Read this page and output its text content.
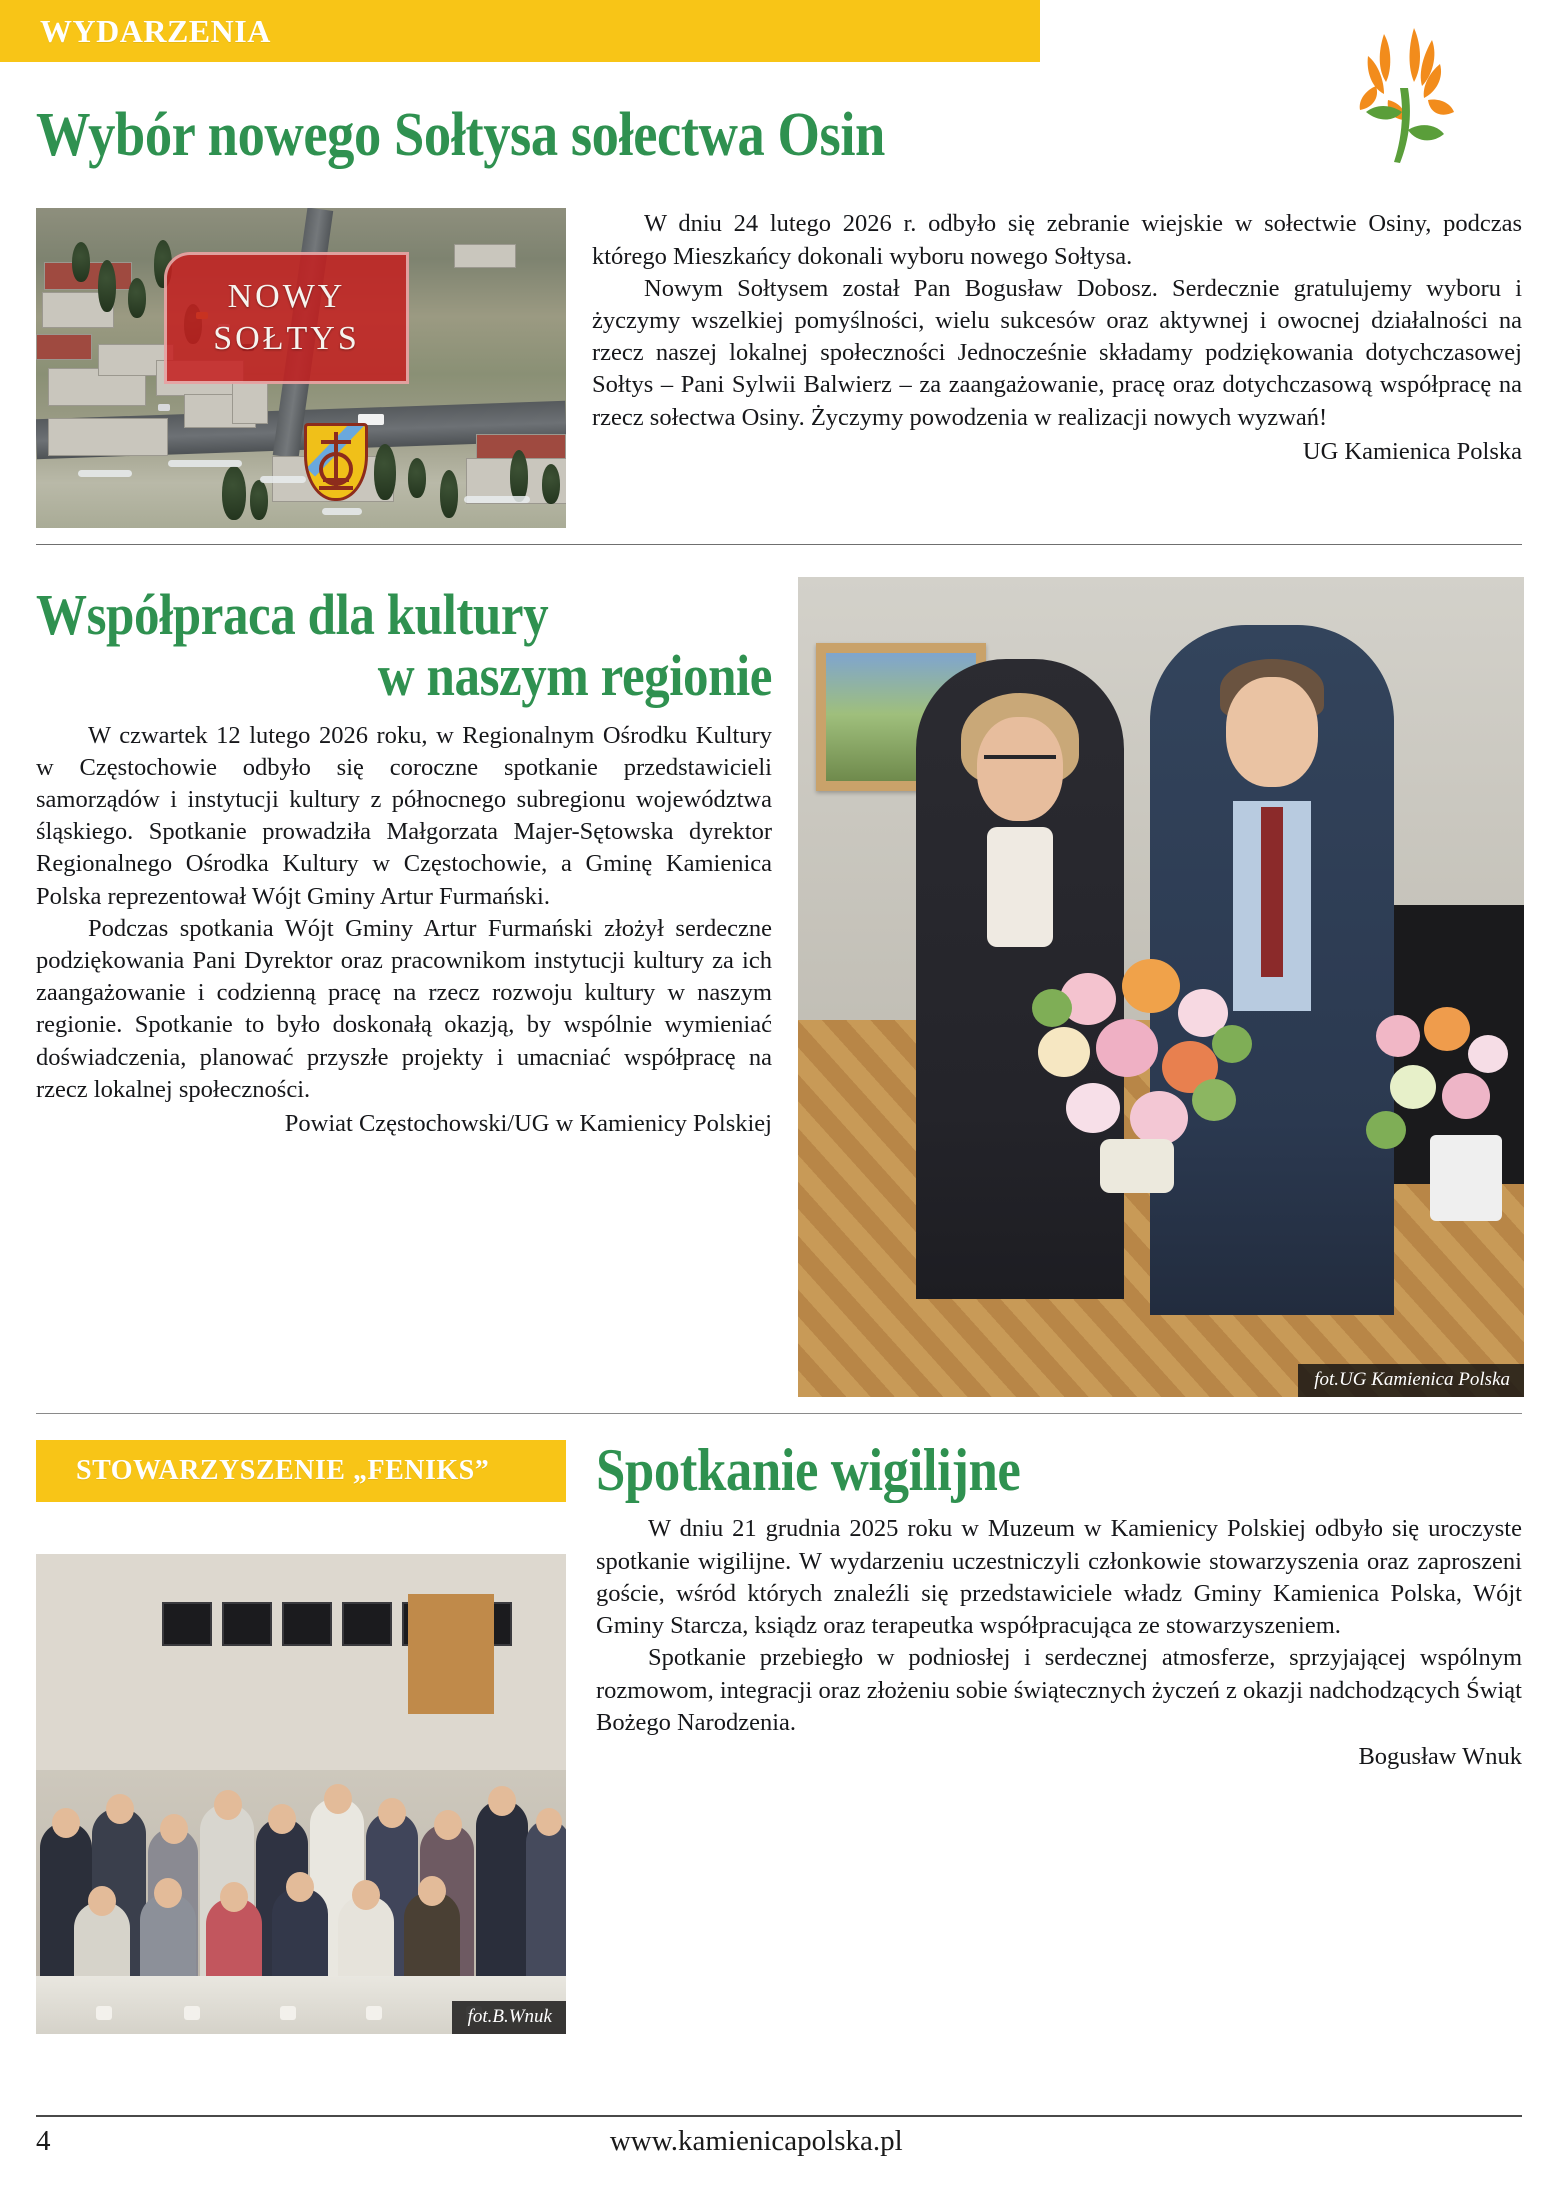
WYDARZENIA
Wybór nowego Sołtysa sołectwa Osin
NOWY
SOŁTYS

W dniu 24 lutego 2026 r. odbyło się zebranie wiejskie w sołectwie Osiny, podczas którego Mieszkańcy dokonali wyboru nowego Sołtysa.

Nowym Sołtysem został Pan Bogusław Dobosz. Serdecznie gratulujemy wyboru i życzymy wszelkiej pomyślności, wielu sukcesów oraz aktywnej i owocnej działalności na rzecz naszej lokalnej społeczności Jednocześnie składamy podziękowania dotychczasowej Sołtys – Pani Sylwii Balwierz – za zaangażowanie, pracę oraz dotychczasową współpracę na rzecz sołectwa Osiny. Życzymy powodzenia w realizacji nowych wyzwań!

UG Kamienica Polska

Współpraca dla kultury
w naszym regionie

W czwartek 12 lutego 2026 roku, w Regionalnym Ośrodku Kultury w Częstochowie odbyło się coroczne spotkanie przedstawicieli samorządów i instytucji kultury z północnego subregionu województwa śląskiego. Spotkanie prowadziła Małgorzata Majer-Sętowska dyrektor Regionalnego Ośrodka Kultury w Częstochowie, a Gminę Kamienica Polska reprezentował Wójt Gminy Artur Furmański.

Podczas spotkania Wójt Gminy Artur Furmański złożył serdeczne podziękowania Pani Dyrektor oraz pracownikom instytucji kultury za ich zaangażowanie i codzienną pracę na rzecz rozwoju kultury w naszym regionie. Spotkanie to było doskonałą okazją, by wspólnie wymieniać doświadczenia, planować przyszłe projekty i umacniać współpracę na rzecz lokalnej społeczności.

Powiat Częstochowski/UG w Kamienicy Polskiej

fot.UG Kamienica Polska
STOWARZYSZENIE „FENIKS”
fot.B.Wnuk
Spotkanie wigilijne

W dniu 21 grudnia 2025 roku w Muzeum w Kamienicy Polskiej odbyło się uroczyste spotkanie wigilijne. W wydarzeniu uczestniczyli członkowie stowarzyszenia oraz zaproszeni goście, wśród których znaleźli się przedstawiciele władz Gminy Kamienica Polska, Wójt Gminy Starcza, ksiądz oraz terapeutka współpracująca ze stowarzyszeniem.

Spotkanie przebiegło w podniosłej i serdecznej atmosferze, sprzyjającej wspólnym rozmowom, integracji oraz złożeniu sobie świątecznych życzeń z okazji nadchodzących Świąt Bożego Narodzenia.

Bogusław Wnuk

4	www.kamienicapolska.pl
